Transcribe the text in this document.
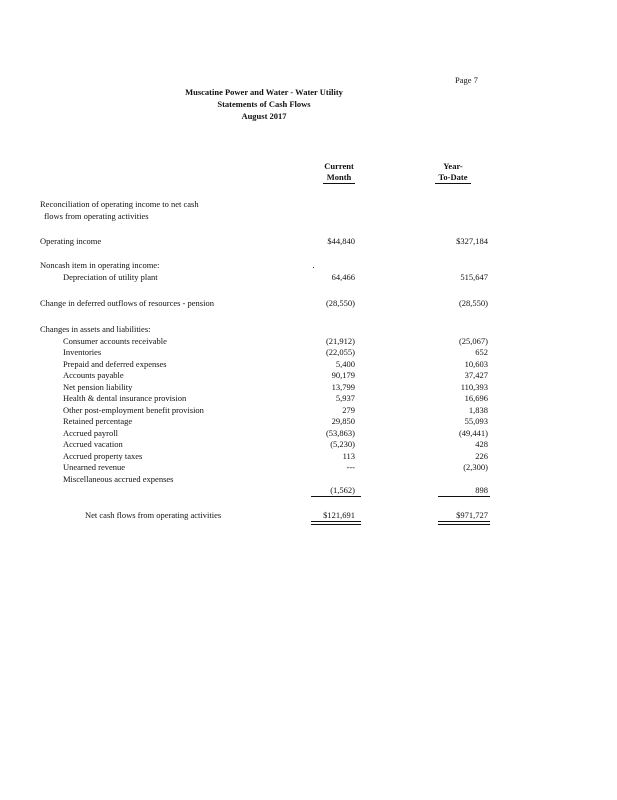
Page 7
Muscatine Power and Water - Water Utility
Statements of Cash Flows
August 2017
Current
Month
Year-
To-Date
Reconciliation of operating income to net cash
flows from operating activities
Operating income	$44,840	$327,184
Noncash item in operating income:
Depreciation of utility plant	64,466	515,647
Change in deferred outflows of resources - pension	(28,550)	(28,550)
Changes in assets and liabilities:
Consumer accounts receivable	(21,912)	(25,067)
Inventories	(22,055)	652
Prepaid and deferred expenses	5,400	10,603
Accounts payable	90,179	37,427
Net pension liability	13,799	110,393
Health & dental insurance provision	5,937	16,696
Other post-employment benefit provision	279	1,838
Retained percentage	29,850	55,093
Accrued payroll	(53,863)	(49,441)
Accrued vacation	(5,230)	428
Accrued property taxes	113	226
Unearned revenue	---	(2,300)
Miscellaneous accrued expenses
(1,562)	898
Net cash flows from operating activities	$121,691	$971,727
